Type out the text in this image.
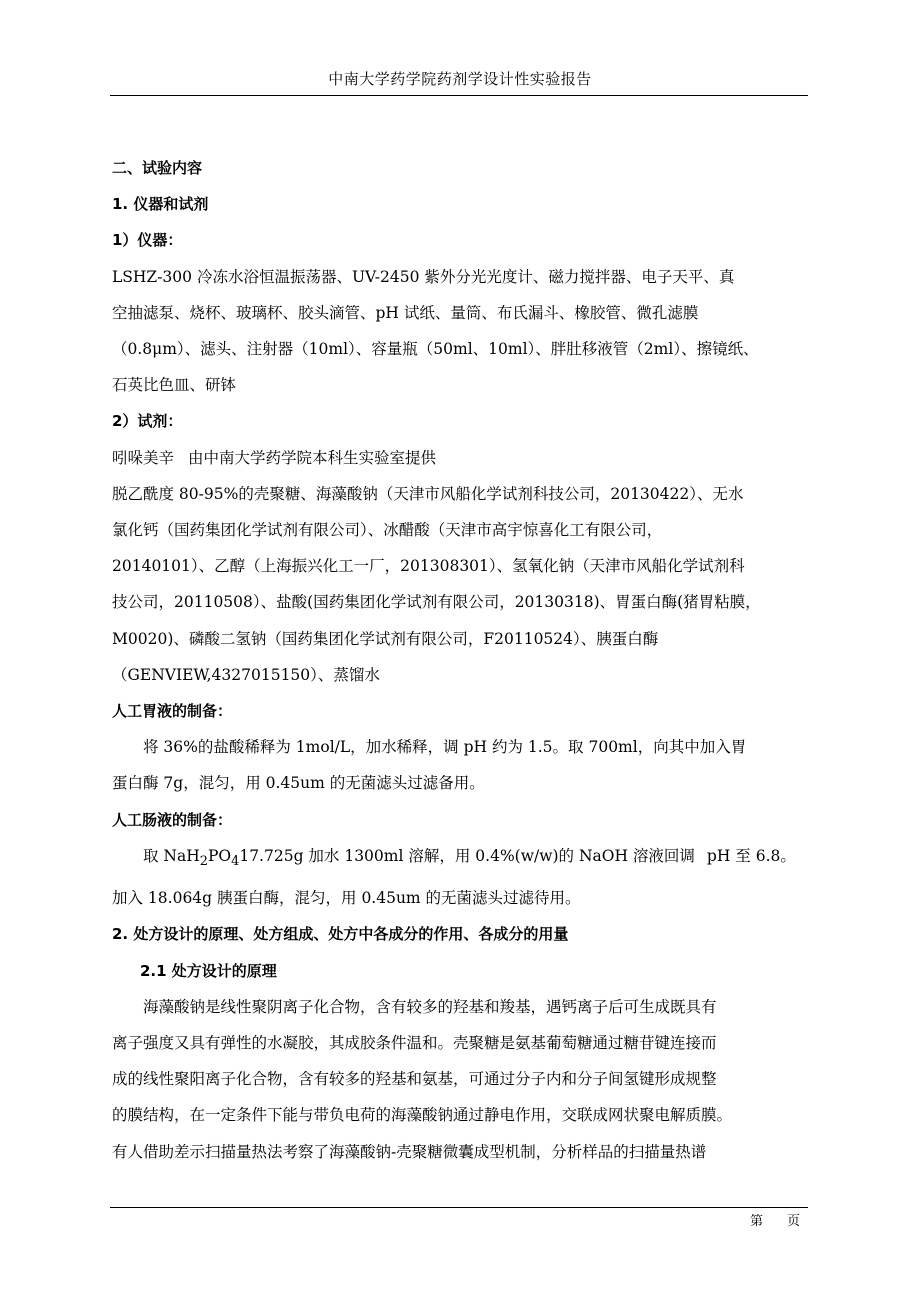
中南大学药学院药剂学设计性实验报告
二、试验内容
1. 仪器和试剂
1）仪器：
LSHZ-300 冷冻水浴恒温振荡器、UV-2450 紫外分光光度计、磁力搅拌器、电子天平、真
空抽滤泵、烧杯、玻璃杯、胶头滴管、pH 试纸、量筒、布氏漏斗、橡胶管、微孔滤膜
（0.8μm）、滤头、注射器（10ml）、容量瓶（50ml、10ml）、胖肚移液管（2ml）、擦镜纸、
石英比色皿、研钵
2）试剂：
吲哚美辛 由中南大学药学院本科生实验室提供
脱乙酰度 80-95%的壳聚糖、海藻酸钠（天津市风船化学试剂科技公司，20130422）、无水
氯化钙（国药集团化学试剂有限公司）、冰醋酸（天津市高宇惊喜化工有限公司，
20140101）、乙醇（上海振兴化工一厂，201308301）、氢氧化钠（天津市风船化学试剂科
技公司，20110508）、盐酸(国药集团化学试剂有限公司，20130318)、胃蛋白酶(猪胃粘膜，
M0020)、磷酸二氢钠（国药集团化学试剂有限公司，F20110524）、胰蛋白酶
（GENVIEW,4327015150）、蒸馏水
人工胃液的制备：
将 36%的盐酸稀释为 1mol/L，加水稀释，调 pH 约为 1.5。取 700ml，向其中加入胃
蛋白酶 7g，混匀，用 0.45um 的无菌滤头过滤备用。
人工肠液的制备：
取 $NaH_2PO_417.725g$ 加水 1300ml 溶解，用 0.4%(w/w)的 NaOH 溶液回调 pH 至 6.8。
加入 18.064g 胰蛋白酶，混匀，用 0.45um 的无菌滤头过滤待用。
2. 处方设计的原理、处方组成、处方中各成分的作用、各成分的用量
2.1 处方设计的原理
海藻酸钠是线性聚阴离子化合物，含有较多的羟基和羧基，遇钙离子后可生成既具有
离子强度又具有弹性的水凝胶，其成胶条件温和。壳聚糖是氨基葡萄糖通过糖苷键连接而
成的线性聚阳离子化合物，含有较多的羟基和氨基，可通过分子内和分子间氢键形成规整
的膜结构，在一定条件下能与带负电荷的海藻酸钠通过静电作用，交联成网状聚电解质膜。
有人借助差示扫描量热法考察了海藻酸钠-壳聚糖微囊成型机制，分析样品的扫描量热谱
第 页
